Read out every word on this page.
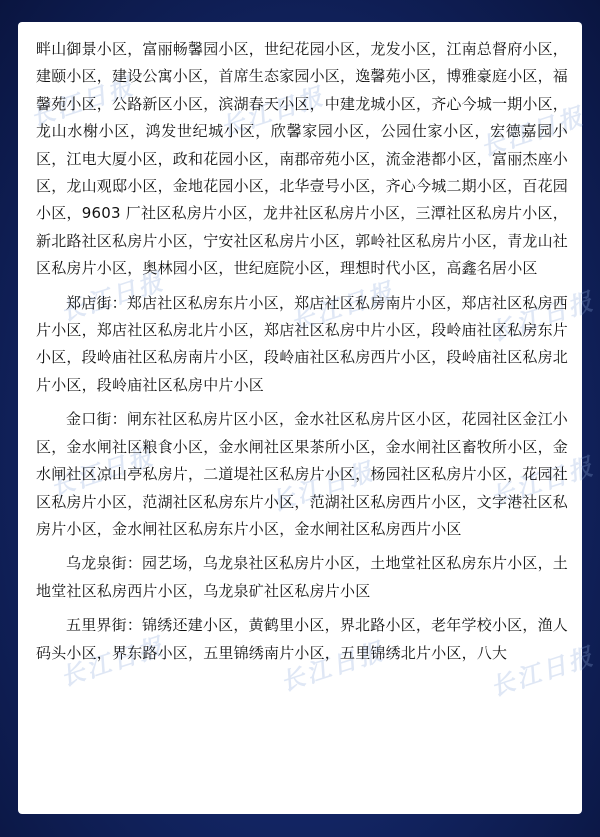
长江日报	长江日报	长江日报
长江日报	长江日报	长江日报
长江日报	长江日报	长江日报
长江日报	长江日报	长江日报

畔山御景小区，富丽畅馨园小区，世纪花园小区，龙发小区，江南总督府小区，建颐小区，建设公寓小区，首席生态家园小区，逸馨苑小区，博雅豪庭小区，福馨苑小区，公路新区小区，滨湖春天小区，中建龙城小区，齐心今城一期小区，龙山水榭小区，鸿发世纪城小区，欣馨家园小区，公园仕家小区，宏德嘉园小区，江电大厦小区，政和花园小区，南郡帝苑小区，流金港都小区，富丽杰座小区，龙山观邸小区，金地花园小区，北华壹号小区，齐心今城二期小区，百花园小区，9603 厂社区私房片小区，龙井社区私房片小区，三潭社区私房片小区，新北路社区私房片小区，宁安社区私房片小区，郭岭社区私房片小区，青龙山社区私房片小区，奥林园小区，世纪庭院小区，理想时代小区，高鑫名居小区

郑店街：郑店社区私房东片小区，郑店社区私房南片小区，郑店社区私房西片小区，郑店社区私房北片小区，郑店社区私房中片小区，段岭庙社区私房东片小区，段岭庙社区私房南片小区，段岭庙社区私房西片小区，段岭庙社区私房北片小区，段岭庙社区私房中片小区

金口街：闸东社区私房片区小区，金水社区私房片区小区，花园社区金江小区，金水闸社区粮食小区，金水闸社区果茶所小区，金水闸社区畜牧所小区，金水闸社区凉山亭私房片，二道堤社区私房片小区，杨园社区私房片小区，花园社区私房片小区，范湖社区私房东片小区，范湖社区私房西片小区，文字港社区私房片小区，金水闸社区私房东片小区，金水闸社区私房西片小区

乌龙泉街：园艺场，乌龙泉社区私房片小区，土地堂社区私房东片小区，土地堂社区私房西片小区，乌龙泉矿社区私房片小区

五里界街：锦绣还建小区，黄鹤里小区，界北路小区，老年学校小区，渔人码头小区，界东路小区，五里锦绣南片小区，五里锦绣北片小区，八大
